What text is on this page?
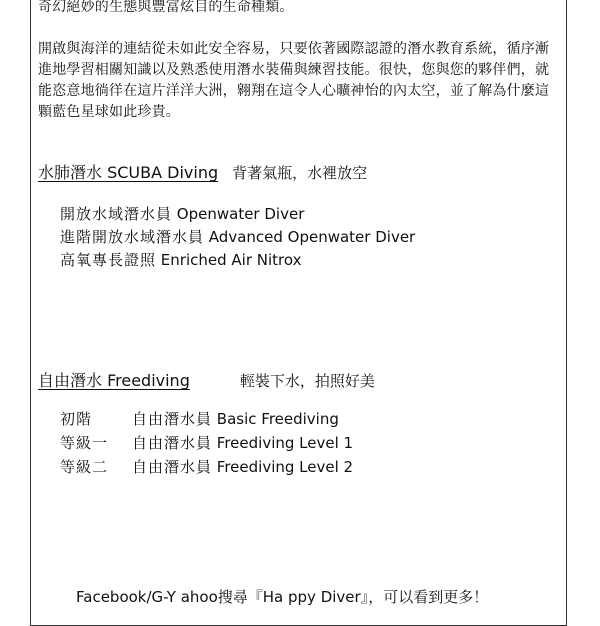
奇幻絕妙的生態與豐富炫目的生命種類。

開啟與海洋的連結從未如此安全容易，只要依著國際認證的潛水教育系統，循序漸進地學習相關知識以及熟悉使用潛水裝備與練習技能。很快，您與您的夥伴們，就能恣意地徜徉在這片洋洋大洲，翱翔在這令人心曠神怡的內太空，並了解為什麼這顆藍色星球如此珍貴。

水肺潛水 SCUBA Diving 背著氣瓶，水裡放空
開放水域潛水員 Openwater Diver
進階開放水域潛水員 Advanced Openwater Diver
高氧專長證照 Enriched Air Nitrox
自由潛水 Freediving	輕裝下水，拍照好美
初階	自由潛水員 Basic Freediving
等級一 自由潛水員 Freediving Level 1
等級二 自由潛水員 Freediving Level 2
Facebook/G-Y ahoo搜尋『Ha ppy Diver』，可以看到更多！
